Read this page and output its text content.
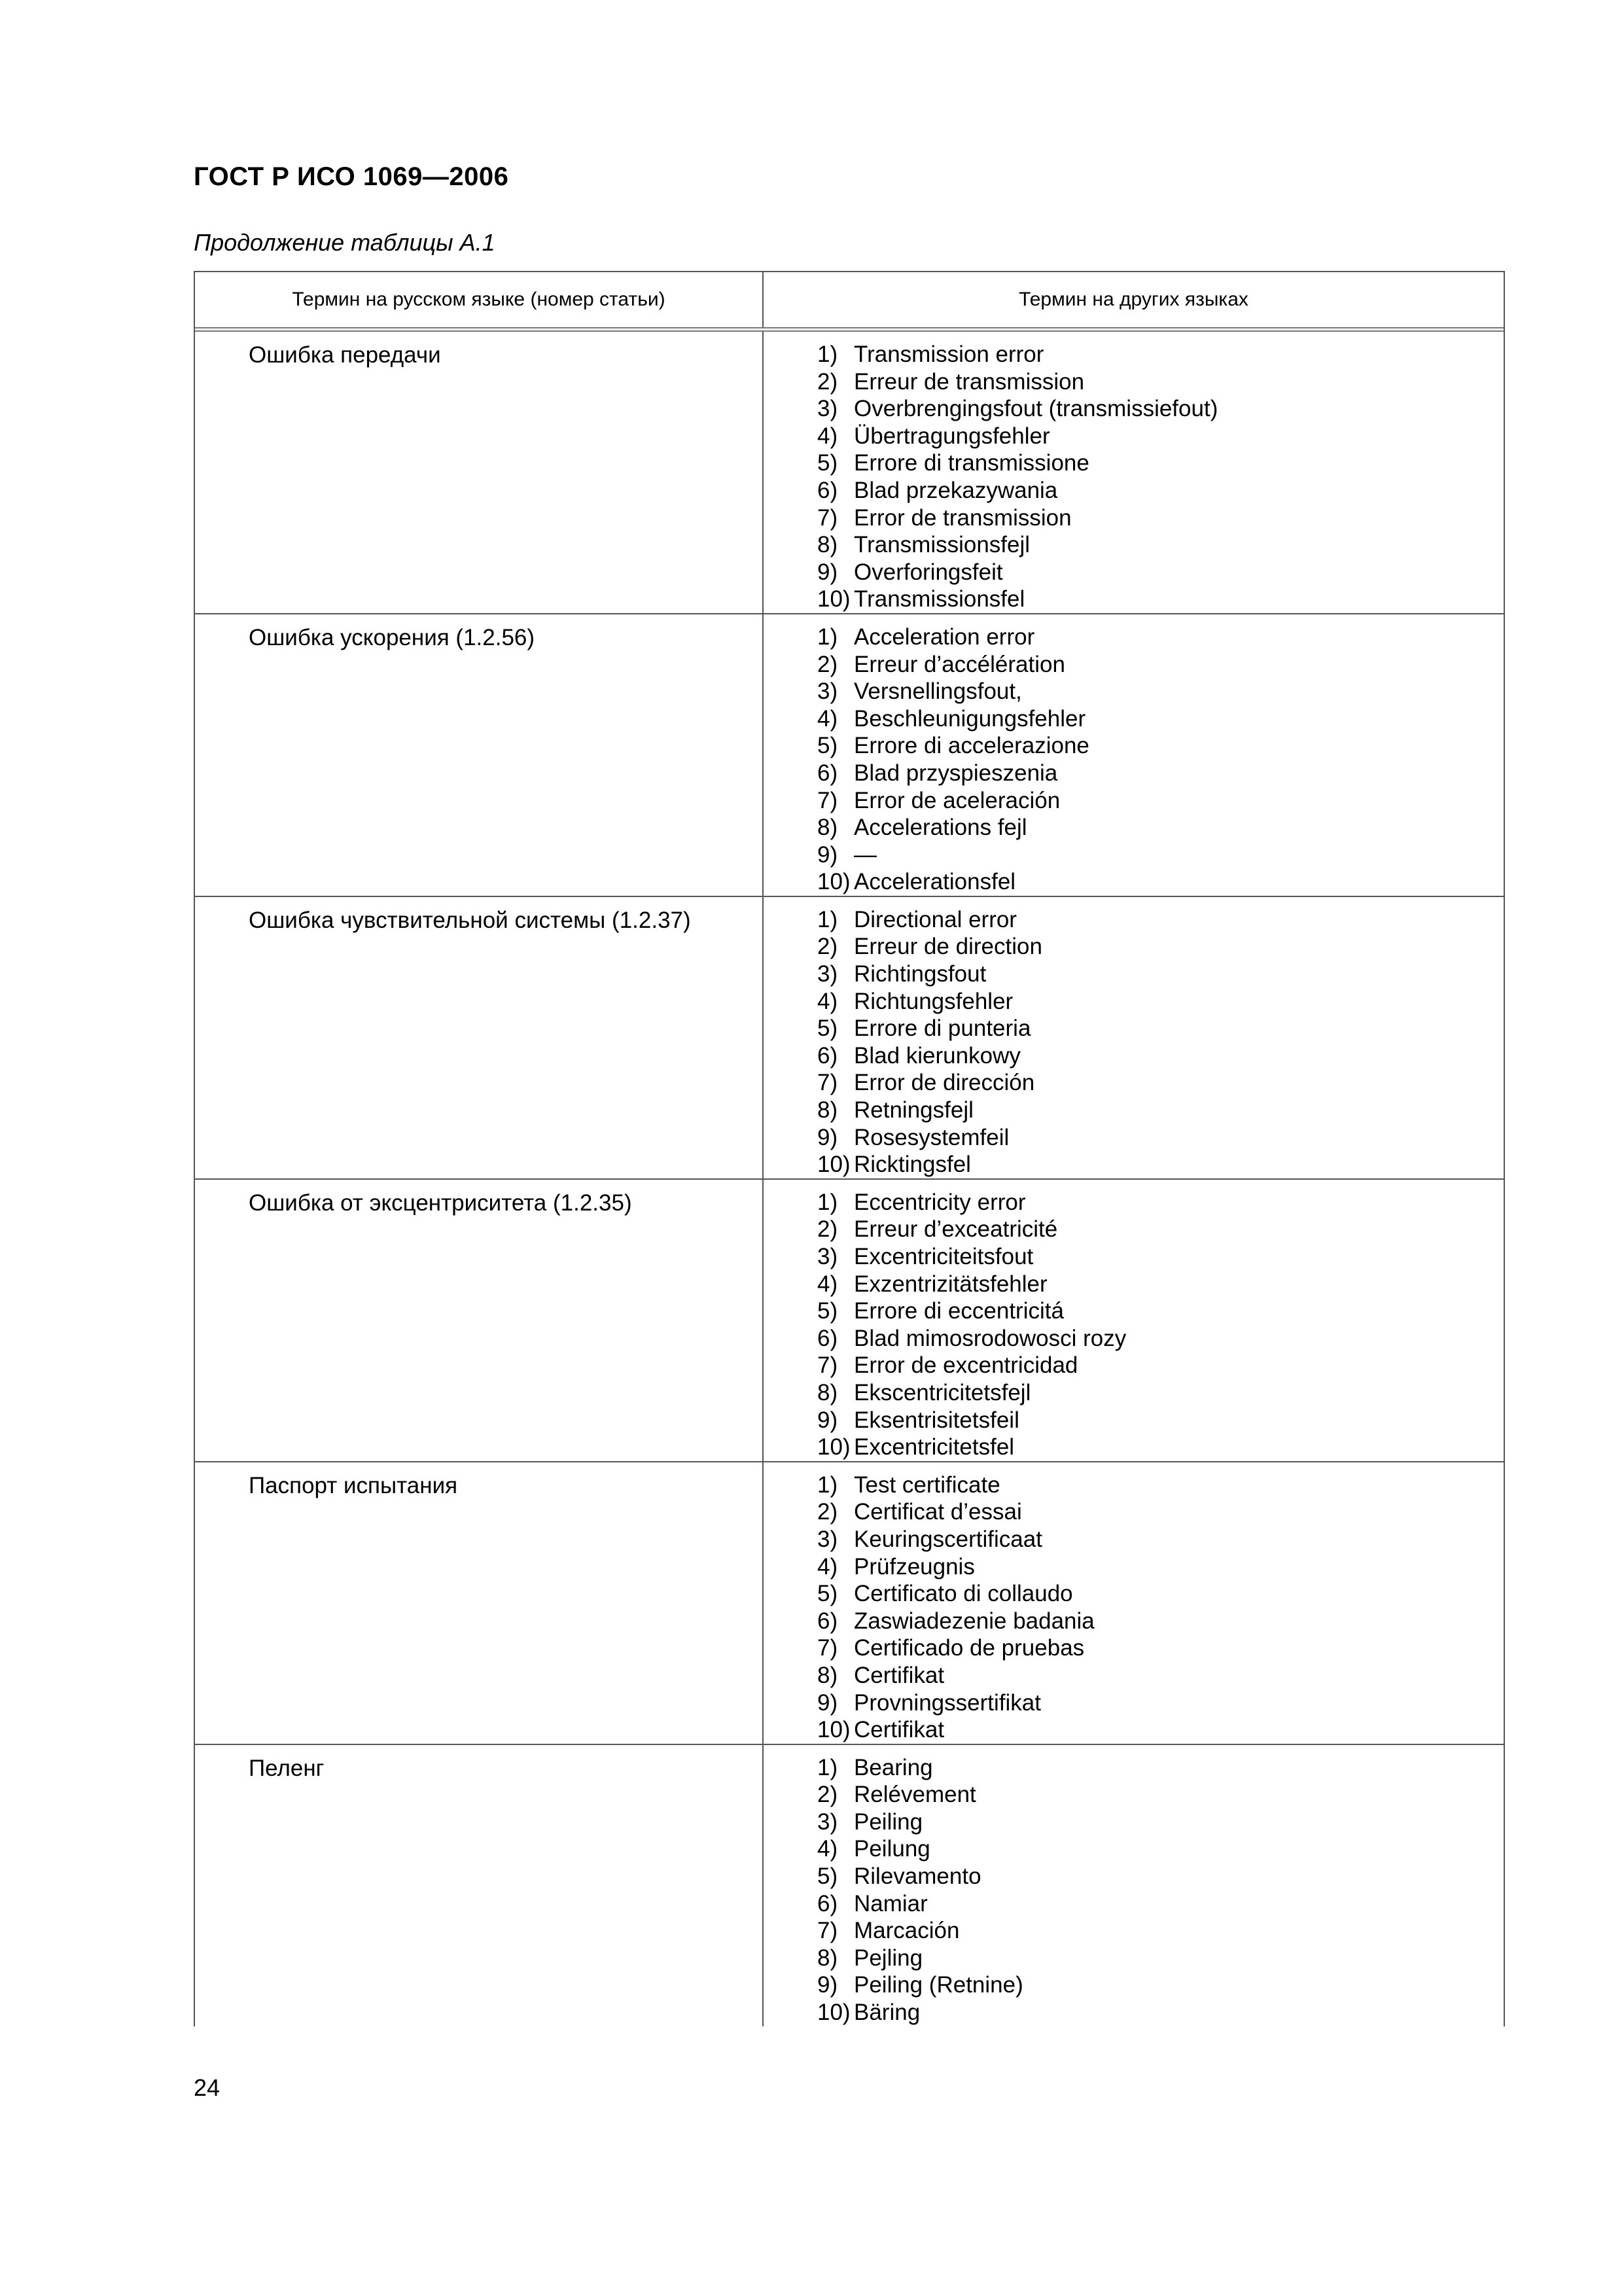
ГОСТ Р ИСО 1069—2006
Продолжение таблицы А.1
Термин на русском языке (номер статьи)	Термин на других языках
Ошибка передачи	1) Transmission error
2) Erreur de transmission
3) Overbrengingsfout (transmissiefout)
4) Übertragungsfehler
5) Errore di transmissione
6) Blad przekazywania
7) Error de transmission
8) Transmissionsfejl
9) Overforingsfeit
10) Transmissionsfel
Ошибка ускорения (1.2.56)	1) Acceleration error
2) Erreur d’accélération
3) Versnellingsfout,
4) Beschleunigungsfehler
5) Errore di accelerazione
6) Blad przyspieszenia
7) Error de aceleración
8) Accelerations fejl
9) —
10) Accelerationsfel
Ошибка чувствительной системы (1.2.37)	1) Directional error
2) Erreur de direction
3) Richtingsfout
4) Richtungsfehler
5) Errore di punteria
6) Blad kierunkowy
7) Error de dirección
8) Retningsfejl
9) Rosesystemfeil
10) Ricktingsfel
Ошибка от эксцентриситета (1.2.35)	1) Eccentricity error
2) Erreur d’exceatricité
3) Excentriciteitsfout
4) Exzentrizitätsfehler
5) Errore di eccentricitá
6) Blad mimosrodowosci rozy
7) Error de excentricidad
8) Ekscentricitetsfejl
9) Eksentrisitetsfeil
10) Excentricitetsfel
Паспорт испытания	1) Test certificate
2) Certificat d’essai
3) Keuringscertificaat
4) Prüfzeugnis
5) Certificato di collaudo
6) Zaswiadezenie badania
7) Certificado de pruebas
8) Certifikat
9) Provningssertifikat
10) Certifikat
Пеленг	1) Bearing
2) Relévement
3) Peiling
4) Peilung
5) Rilevamento
6) Namiar
7) Marcación
8) Pejling
9) Peiling (Retnine)
10) Bäring
24
